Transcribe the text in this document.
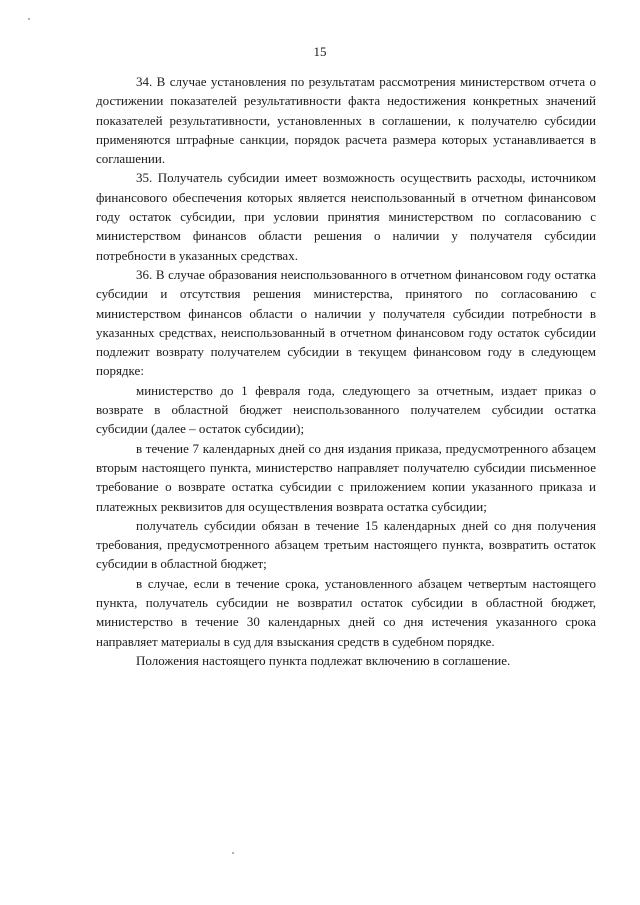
15

34. В случае установления по результатам рассмотрения министерством отчета о достижении показателей результативности факта недостижения конкретных значений показателей результативности, установленных в соглашении, к получателю субсидии применяются штрафные санкции, порядок расчета размера которых устанавливается в соглашении.

35. Получатель субсидии имеет возможность осуществить расходы, источником финансового обеспечения которых является неиспользованный в отчетном финансовом году остаток субсидии, при условии принятия министерством по согласованию с министерством финансов области решения о наличии у получателя субсидии потребности в указанных средствах.

36. В случае образования неиспользованного в отчетном финансовом году остатка субсидии и отсутствия решения министерства, принятого по согласованию с министерством финансов области о наличии у получателя субсидии потребности в указанных средствах, неиспользованный в отчетном финансовом году остаток субсидии подлежит возврату получателем субсидии в текущем финансовом году в следующем порядке:

министерство до 1 февраля года, следующего за отчетным, издает приказ о возврате в областной бюджет неиспользованного получателем субсидии остатка субсидии (далее – остаток субсидии);

в течение 7 календарных дней со дня издания приказа, предусмотренного абзацем вторым настоящего пункта, министерство направляет получателю субсидии письменное требование о возврате остатка субсидии с приложением копии указанного приказа и платежных реквизитов для осуществления возврата остатка субсидии;

получатель субсидии обязан в течение 15 календарных дней со дня получения требования, предусмотренного абзацем третьим настоящего пункта, возвратить остаток субсидии в областной бюджет;

в случае, если в течение срока, установленного абзацем четвертым настоящего пункта, получатель субсидии не возвратил остаток субсидии в областной бюджет, министерство в течение 30 календарных дней со дня истечения указанного срока направляет материалы в суд для взыскания средств в судебном порядке.

Положения настоящего пункта подлежат включению в соглашение.
